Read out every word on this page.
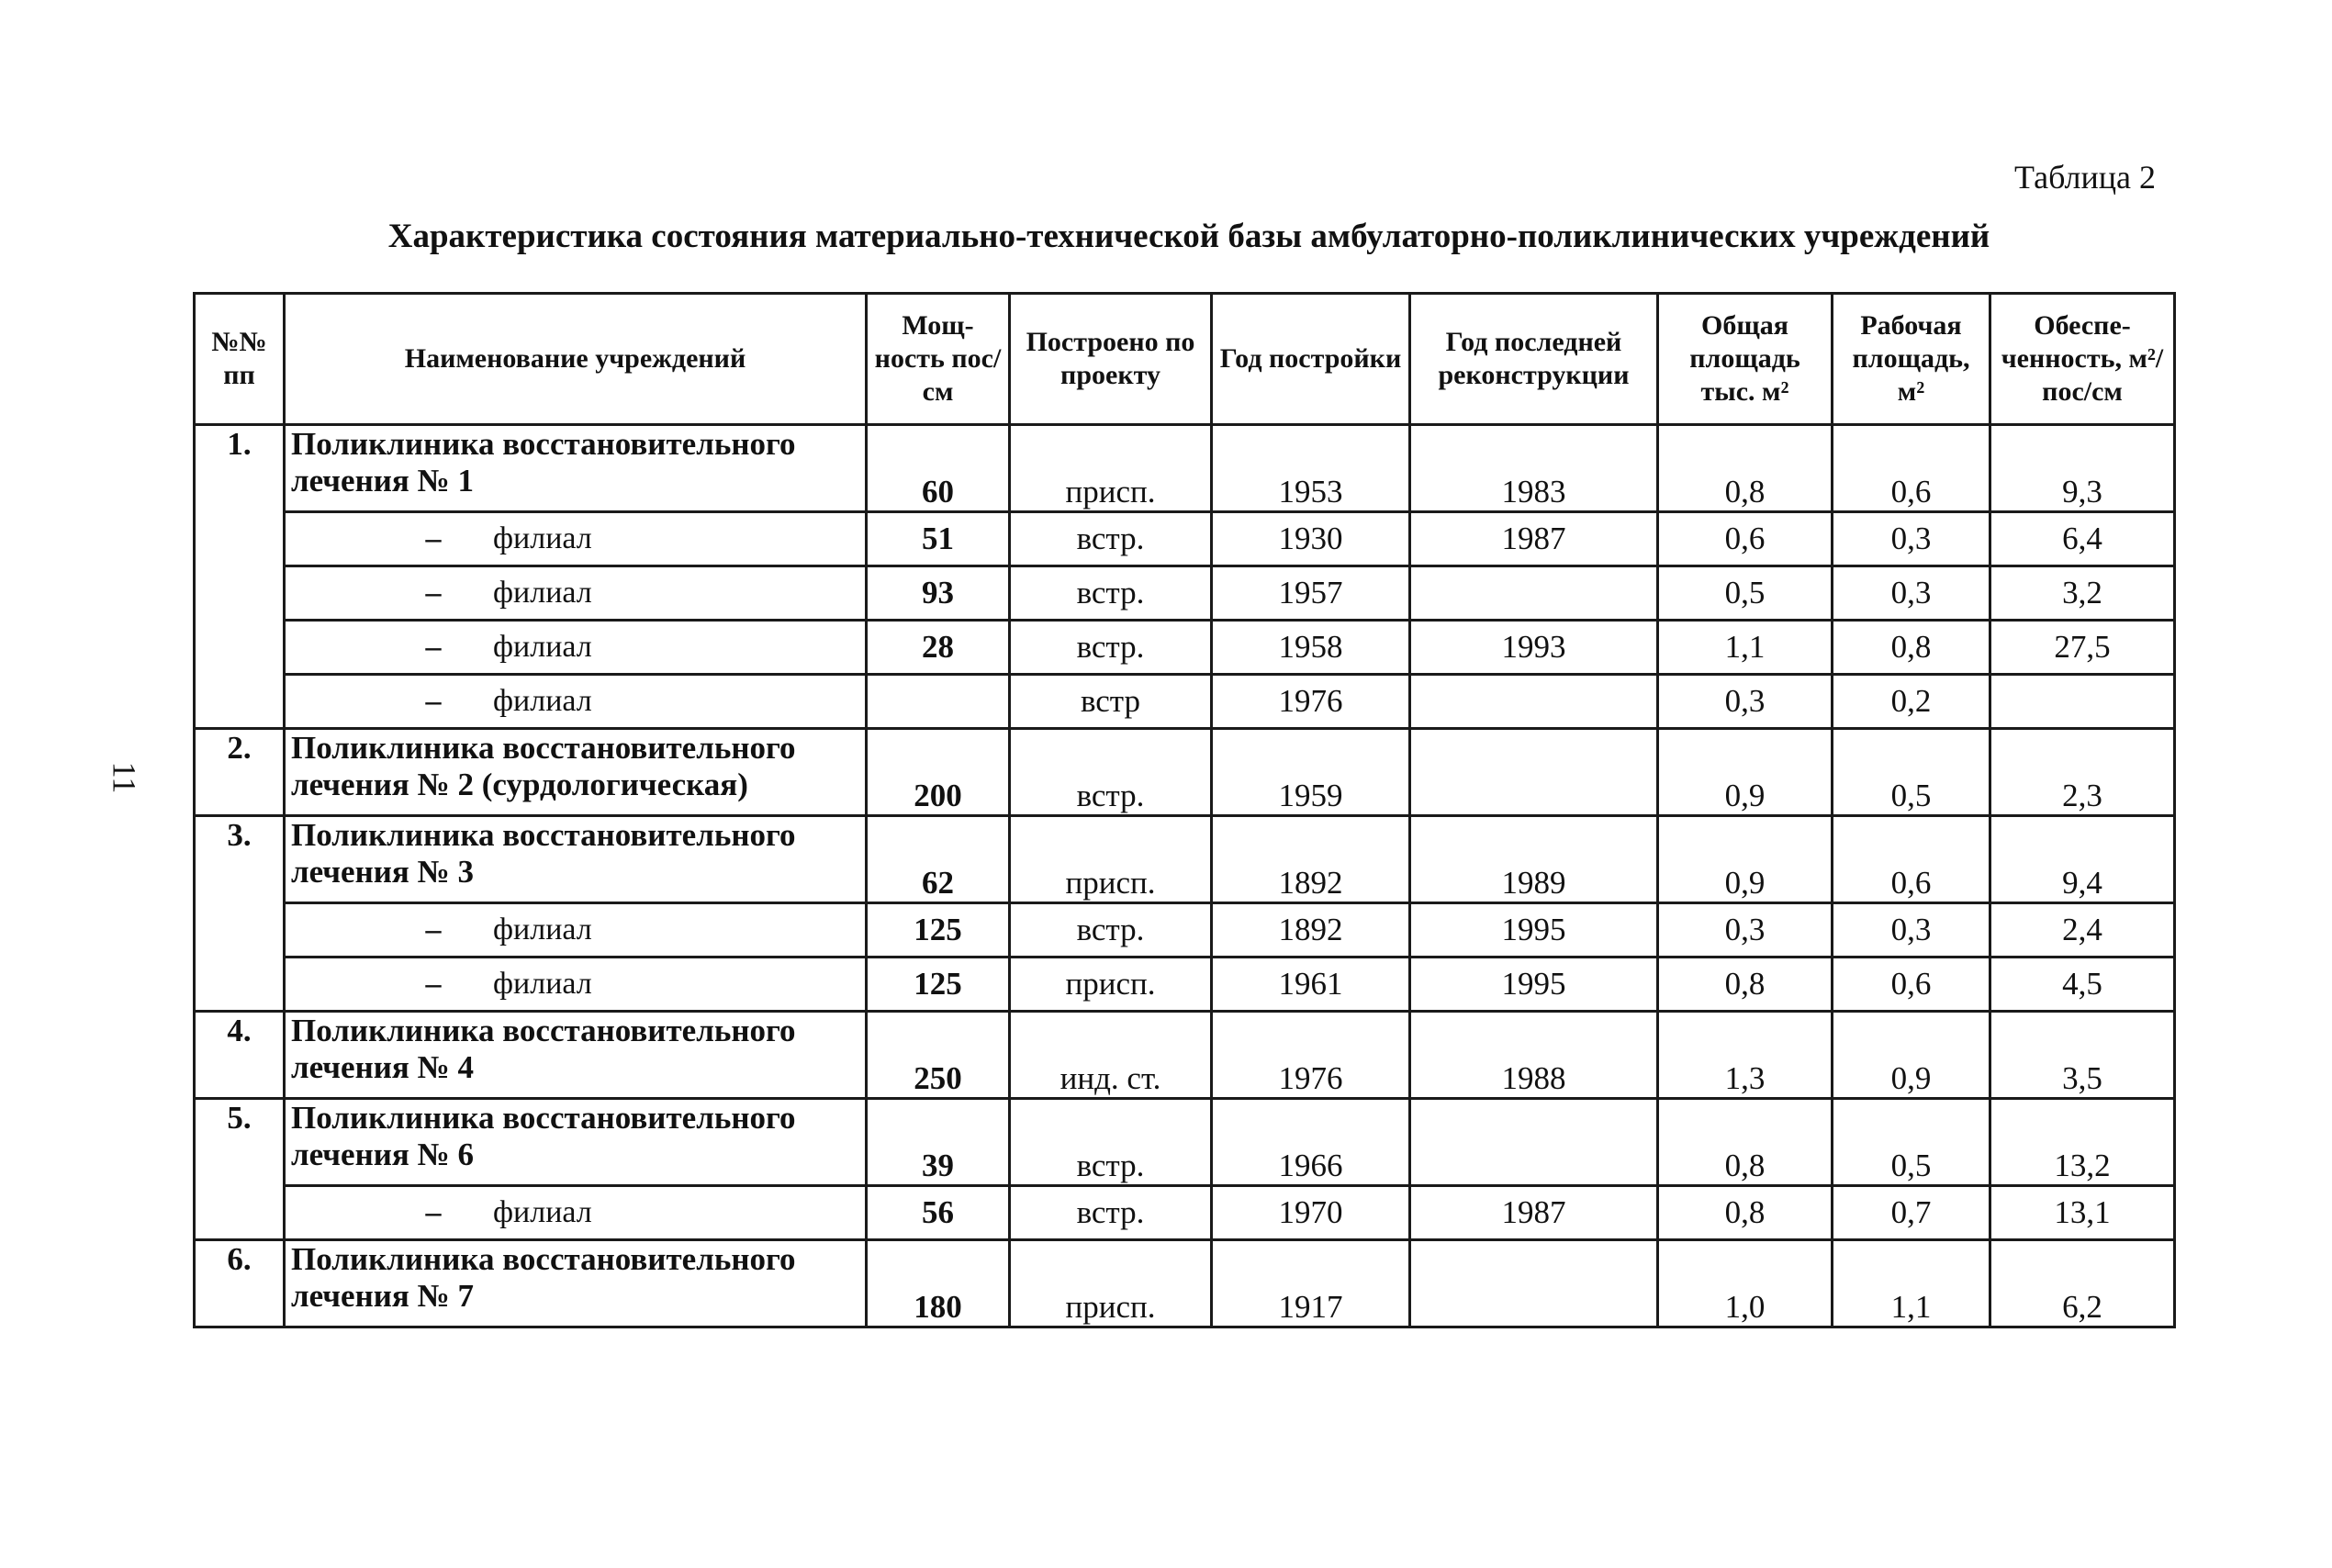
Таблица 2
Характеристика состояния материально-технической базы амбулаторно-поликлинических учреждений
11
№№ пп	Наименование учреждений	Мощ-ность пос/см	Построено по проекту	Год постройки	Год последней реконструкции	Общая площадь тыс. м²	Рабочая площадь, м²	Обеспе-ченность, м²/пос/см
1.	Поликлиника восстановительного лечения № 1	60	присп.	1953	1983	0,8	0,6	9,3
	– филиал	51	встр.	1930	1987	0,6	0,3	6,4
	– филиал	93	встр.	1957		0,5	0,3	3,2
	– филиал	28	встр.	1958	1993	1,1	0,8	27,5
	– филиал		встр	1976		0,3	0,2	
2.	Поликлиника восстановительного лечения № 2 (сурдологическая)	200	встр.	1959		0,9	0,5	2,3
3.	Поликлиника восстановительного лечения № 3	62	присп.	1892	1989	0,9	0,6	9,4
	– филиал	125	встр.	1892	1995	0,3	0,3	2,4
	– филиал	125	присп.	1961	1995	0,8	0,6	4,5
4.	Поликлиника восстановительного лечения № 4	250	инд. ст.	1976	1988	1,3	0,9	3,5
5.	Поликлиника восстановительного лечения № 6	39	встр.	1966		0,8	0,5	13,2
	– филиал	56	встр.	1970	1987	0,8	0,7	13,1
6.	Поликлиника восстановительного лечения № 7	180	присп.	1917		1,0	1,1	6,2
